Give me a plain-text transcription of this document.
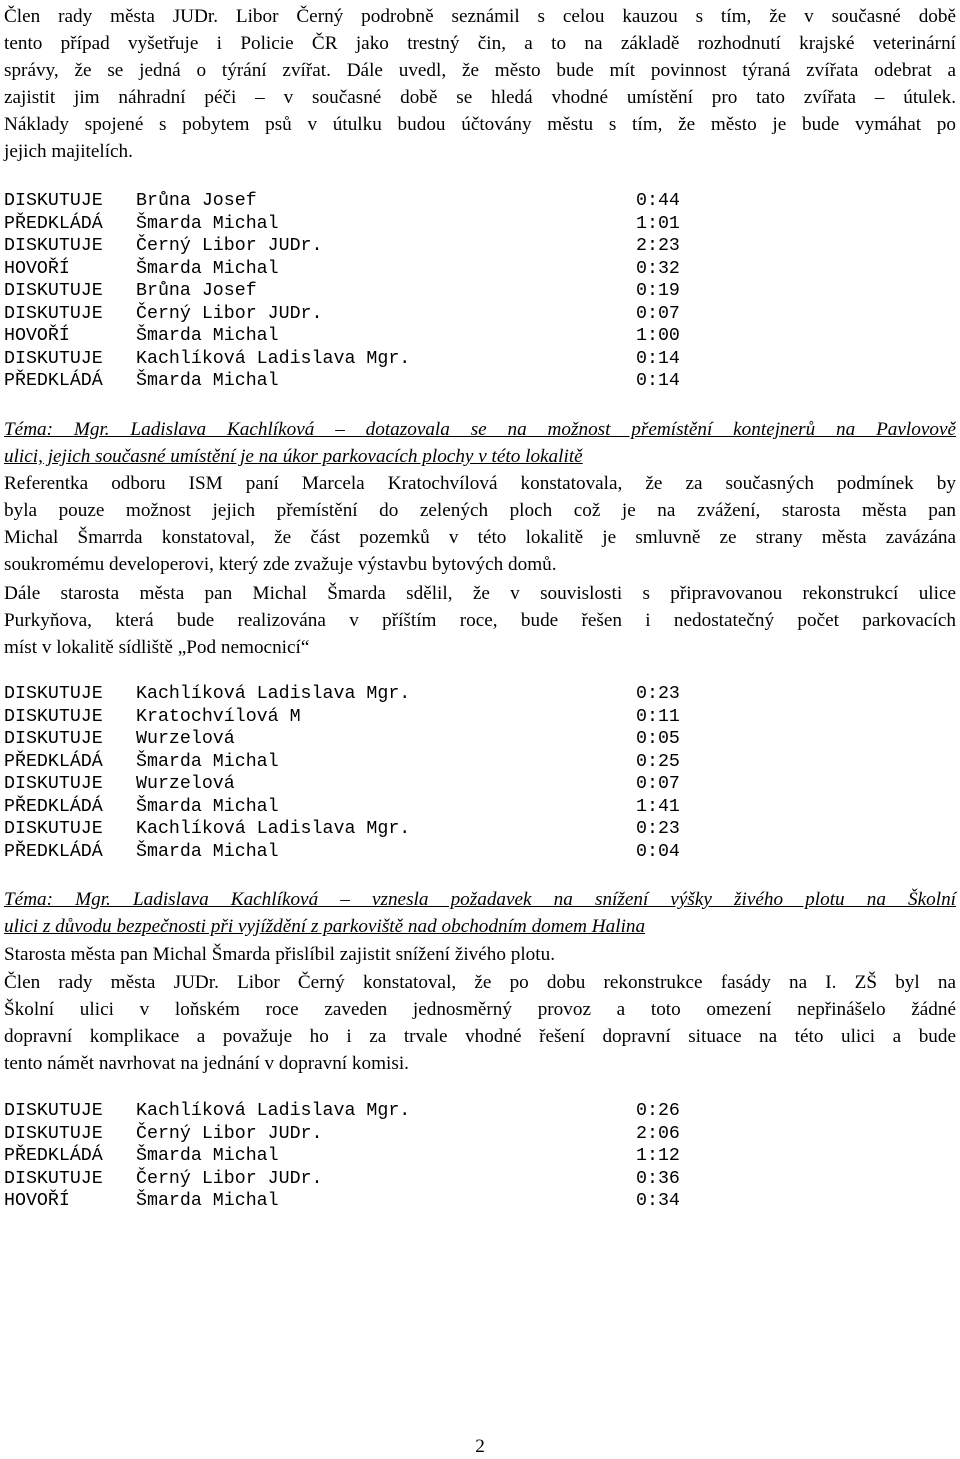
Člen rady města JUDr. Libor Černý podrobně seznámil s celou kauzou s tím, že v současné době
tento případ vyšetřuje i Policie ČR jako trestný čin, a to na základě rozhodnutí krajské veterinární
správy, že se jedná o týrání zvířat. Dále uvedl, že město bude mít povinnost týraná zvířata odebrat a
zajistit jim náhradní péči – v současné době se hledá vhodné umístění pro tato zvířata – útulek.
Náklady spojené s pobytem psů v útulku budou účtovány městu s tím, že město je bude vymáhat po
jejich majitelích.
DISKUTUJE Brůna Josef	0:44
PŘEDKLÁDÁ Šmarda Michal	1:01
DISKUTUJE Černý Libor JUDr.	2:23
HOVOŘÍ	Šmarda Michal	0:32
DISKUTUJE Brůna Josef	0:19
DISKUTUJE Černý Libor JUDr.	0:07
HOVOŘÍ	Šmarda Michal	1:00
DISKUTUJE Kachlíková Ladislava Mgr.	0:14
PŘEDKLÁDÁ Šmarda Michal	0:14
Téma: Mgr. Ladislava Kachlíková – dotazovala se na možnost přemístění kontejnerů na Pavlovově
ulici, jejich současné umístění je na úkor parkovacích plochy v této lokalitě
Referentka odboru ISM paní Marcela Kratochvílová konstatovala, že za současných podmínek by
byla pouze možnost jejich přemístění do zelených ploch což je na zvážení, starosta města pan
Michal Šmarrda konstatoval, že část pozemků v této lokalitě je smluvně ze strany města zavázána
soukromému developerovi, který zde zvažuje výstavbu bytových domů.
Dále starosta města pan Michal Šmarda sdělil, že v souvislosti s připravovanou rekonstrukcí ulice
Purkyňova, která bude realizována v příštím roce, bude řešen i nedostatečný počet parkovacích
míst v lokalitě sídliště „Pod nemocnicí“
DISKUTUJE Kachlíková Ladislava Mgr.	0:23
DISKUTUJE Kratochvílová M	0:11
DISKUTUJE Wurzelová	0:05
PŘEDKLÁDÁ Šmarda Michal	0:25
DISKUTUJE Wurzelová	0:07
PŘEDKLÁDÁ Šmarda Michal	1:41
DISKUTUJE Kachlíková Ladislava Mgr.	0:23
PŘEDKLÁDÁ Šmarda Michal	0:04
Téma: Mgr. Ladislava Kachlíková – vznesla požadavek na snížení výšky živého plotu na Školní
ulici z důvodu bezpečnosti při vyjíždění z parkoviště nad obchodním domem Halina
Starosta města pan Michal Šmarda přislíbil zajistit snížení živého plotu.
Člen rady města JUDr. Libor Černý konstatoval, že po dobu rekonstrukce fasády na I. ZŠ byl na
Školní ulici v loňském roce zaveden jednosměrný provoz a toto omezení nepřinášelo žádné
dopravní komplikace a považuje ho i za trvale vhodné řešení dopravní situace na této ulici a bude
tento námět navrhovat na jednání v dopravní komisi.
DISKUTUJE Kachlíková Ladislava Mgr.	0:26
DISKUTUJE Černý Libor JUDr.	2:06
PŘEDKLÁDÁ Šmarda Michal	1:12
DISKUTUJE Černý Libor JUDr.	0:36
HOVOŘÍ	Šmarda Michal	0:34
2
